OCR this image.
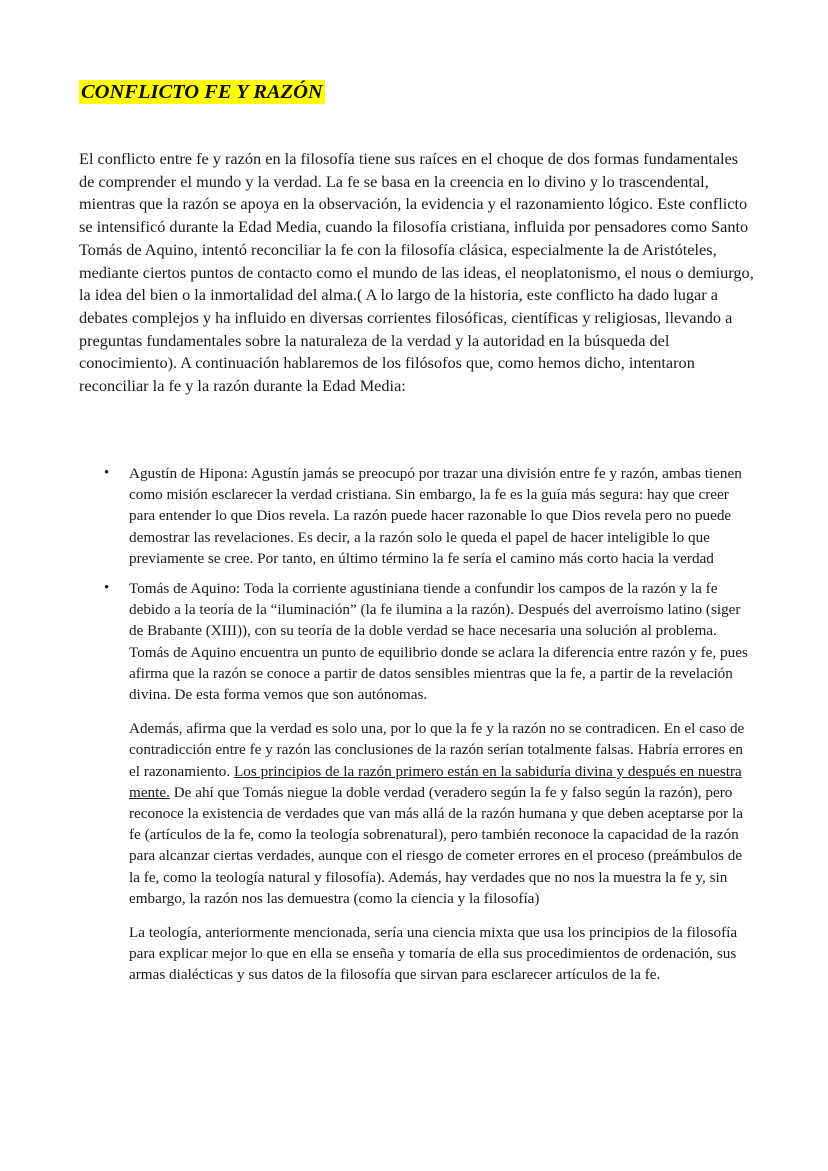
CONFLICTO FE Y RAZÓN

El conflicto entre fe y razón en la filosofía tiene sus raíces en el choque de dos formas fundamentales de comprender el mundo y la verdad. La fe se basa en la creencia en lo divino y lo trascendental, mientras que la razón se apoya en la observación, la evidencia y el razonamiento lógico. Este conflicto se intensificó durante la Edad Media, cuando la filosofía cristiana, influida por pensadores como Santo Tomás de Aquino, intentó reconciliar la fe con la filosofía clásica, especialmente la de Aristóteles, mediante ciertos puntos de contacto como el mundo de las ideas, el neoplatonismo, el nous o demiurgo, la idea del bien o la inmortalidad del alma.( A lo largo de la historia, este conflicto ha dado lugar a debates complejos y ha influido en diversas corrientes filosóficas, científicas y religiosas, llevando a preguntas fundamentales sobre la naturaleza de la verdad y la autoridad en la búsqueda del conocimiento). A continuación hablaremos de los filósofos que, como hemos dicho, intentaron reconciliar la fe y la razón durante la Edad Media:

• Agustín de Hipona: Agustín jamás se preocupó por trazar una división entre fe y razón, ambas tienen como misión esclarecer la verdad cristiana. Sin embargo, la fe es la guía más segura: hay que creer para entender lo que Dios revela. La razón puede hacer razonable lo que Dios revela pero no puede demostrar las revelaciones. Es decir, a la razón solo le queda el papel de hacer inteligible lo que previamente se cree. Por tanto, en último término la fe sería el camino más corto hacia la verdad

• Tomás de Aquino: Toda la corriente agustiniana tiende a confundir los campos de la razón y la fe debido a la teoría de la “iluminación” (la fe ilumina a la razón). Después del averroísmo latino (siger de Brabante (XIII)), con su teoría de la doble verdad se hace necesaria una solución al problema. Tomás de Aquino encuentra un punto de equilibrio donde se aclara la diferencia entre razón y fe, pues afirma que la razón se conoce a partir de datos sensibles mientras que la fe, a partir de la revelación divina. De esta forma vemos que son autónomas.

Además, afirma que la verdad es solo una, por lo que la fe y la razón no se contradicen. En el caso de contradicción entre fe y razón las conclusiones de la razón serían totalmente falsas. Habría errores en el razonamiento. Los principios de la razón primero están en la sabiduría divina y después en nuestra mente. De ahí que Tomás niegue la doble verdad (veradero según la fe y falso según la razón), pero reconoce la existencia de verdades que van más allá de la razón humana y que deben aceptarse por la fe (artículos de la fe, como la teología sobrenatural), pero también reconoce la capacidad de la razón para alcanzar ciertas verdades, aunque con el riesgo de cometer errores en el proceso (preámbulos de la fe, como la teología natural y filosofía). Además, hay verdades que no nos la muestra la fe y, sin embargo, la razón nos las demuestra (como la ciencia y la filosofía)

La teología, anteriormente mencionada, sería una ciencia mixta que usa los principios de la filosofía para explicar mejor lo que en ella se enseña y tomaría de ella sus procedimientos de ordenación, sus armas dialécticas y sus datos de la filosofía que sirvan para esclarecer artículos de la fe.
